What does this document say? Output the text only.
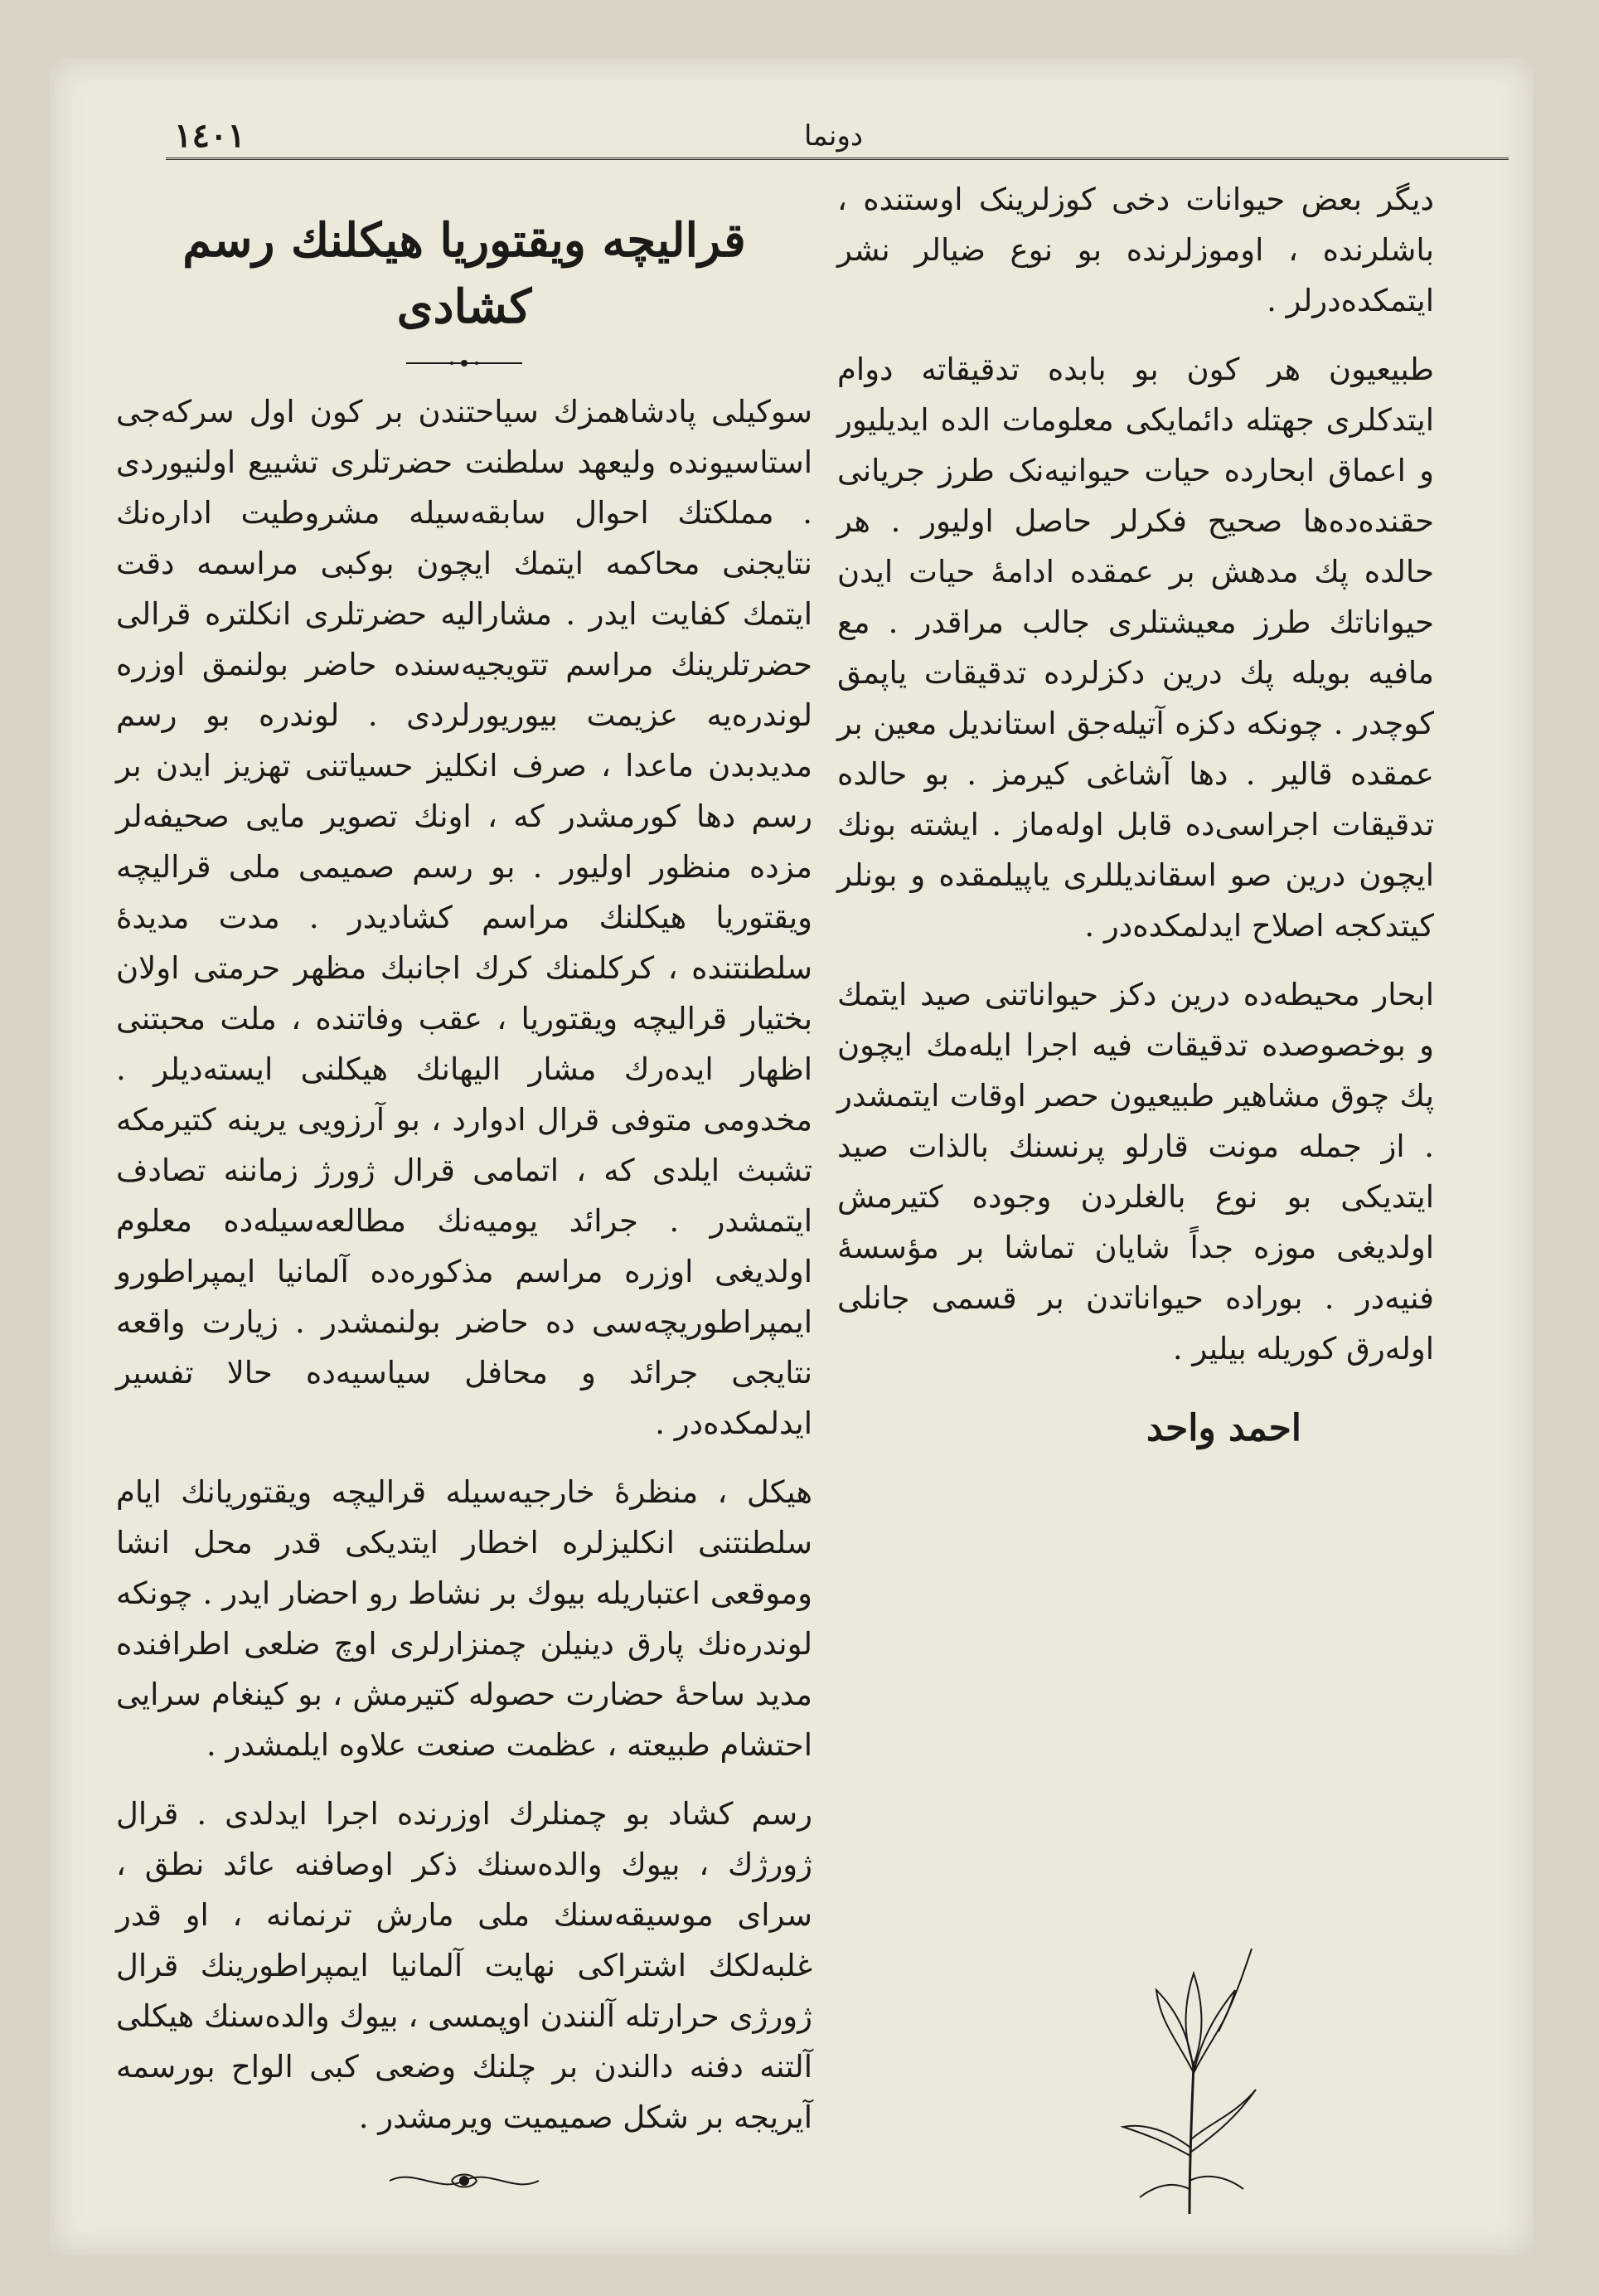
١٤٠١	دونما

دیگر بعض حیوانات دخی کوزلرینک اوستنده ، باشلرنده ، اوموزلرنده بو نوع ضیالر نشر ایتمکده‌درلر .

طبیعیون هر کون بو بابده تدقیقاته دوام ایتدکلری جهتله دائمایکی معلومات الده ایدیلیور و اعماق ابحارده حیات حیوانیه‌نک طرز جریانی حقنده‌ده‌ها صحیح فکرلر حاصل اولیور . هر حالده پك مدهش بر عمقده ادامهٔ حیات ایدن حیواناتك طرز معیشتلری جالب مراقدر . مع مافیه بویله پك درین دکزلرده تدقیقات یاپمق کوچدر . چونکه دکزه آتیله‌جق استاندیل معین بر عمقده قالیر . دها آشاغی کیرمز . بو حالده تدقیقات اجراسی‌ده قابل اوله‌ماز . ایشته بونك ایچون درین صو اسقاندیللری یاپیلمقده و بونلر کیتدکجه اصلاح ایدلمکده‌در .

ابحار محیطه‌ده درین دکز حیواناتنی صید ایتمك و بوخصوصده تدقیقات فیه اجرا ایله‌مك ایچون پك چوق مشاهیر طبیعیون حصر اوقات ایتمشدر . از جمله مونت قارلو پرنسنك بالذات صید ایتدیکی بو نوع بالغلردن وجوده کتیرمش اولدیغی موزه جداً شایان تماشا بر مؤسسهٔ فنیه‌در . بوراده حیواناتدن بر قسمی جانلی اوله‌رق کوریله بیلیر .

احمد واحد
قرالیچه ویقتوریا هیکلنك رسم کشادی

سوکیلی پادشاهمزك سیاحتندن بر کون اول سرکه‌جی استاسیونده ولیعهد سلطنت حضرتلری تشییع اولنیوردی . مملکتك احوال سابقه‌سیله مشروطیت اداره‌نك نتایجنی محاکمه ایتمك ایچون بوکبی مراسمه دقت ایتمك کفایت ایدر . مشارالیه حضرتلری انکلتره قرالی حضرتلرینك مراسم تتویجیه‌سنده حاضر بولنمق اوزره لوندره‌یه عزیمت بیوریورلردی . لوندره بو رسم مدیدبدن ماعدا ، صرف انکلیز حسیاتنی تهزیز ایدن بر رسم دها کورمشدر که ، اونك تصویر مایی صحیفه‌لر مزده منظور اولیور . بو رسم صمیمی ملی قرالیچه ویقتوریا هیکلنك مراسم کشادیدر . مدت مدیدهٔ سلطنتنده ، کرکلمنك کرك اجانبك مظهر حرمتی اولان بختیار قرالیچه ویقتوریا ، عقب وفاتنده ، ملت محبتنی اظهار ایده‌رك مشار الیهانك هیکلنی ایسته‌دیلر . مخدومی متوفی قرال ادوارد ، بو آرزویی یرینه کتیرمکه تشبث ایلدی که ، اتمامی قرال ژورژ زماننه تصادف ایتمشدر . جرائد یومیه‌نك مطالعه‌سیله‌ده معلوم اولدیغی اوزره مراسم مذکوره‌ده آلمانیا ایمپراطورو ایمپراطوریچه‌سی ده حاضر بولنمشدر . زیارت واقعه نتایجی جرائد و محافل سیاسیه‌ده حالا تفسیر ایدلمکده‌در .

هیکل ، منظرهٔ خارجیه‌سیله قرالیچه ویقتوریانك ایام سلطنتنی انکلیزلره اخطار ایتدیکی قدر محل انشا وموقعی اعتباریله بیوك بر نشاط رو احضار ایدر . چونکه لوندره‌نك پارق دینیلن چمنزارلری اوچ ضلعی اطرافنده مدید ساحهٔ حضارت حصوله کتیرمش ، بو کینغام سرایی احتشام طبیعته ، عظمت صنعت علاوه ایلمشدر .

رسم کشاد بو چمنلرك اوزرنده اجرا ایدلدی . قرال ژورژك ، بیوك والده‌سنك ذکر اوصافنه عائد نطق ، سرای موسیقه‌سنك ملی مارش ترنمانه ، او قدر غلبه‌لکك اشتراکی نهایت آلمانیا ایمپراطورینك قرال ژورژی حرارتله آلنندن اوپمسی ، بیوك والده‌سنك هیکلی آلتنه دفنه دالندن بر چلنك وضعی کبی الواح بورسمه آیریجه بر شکل صمیمیت ویرمشدر .
